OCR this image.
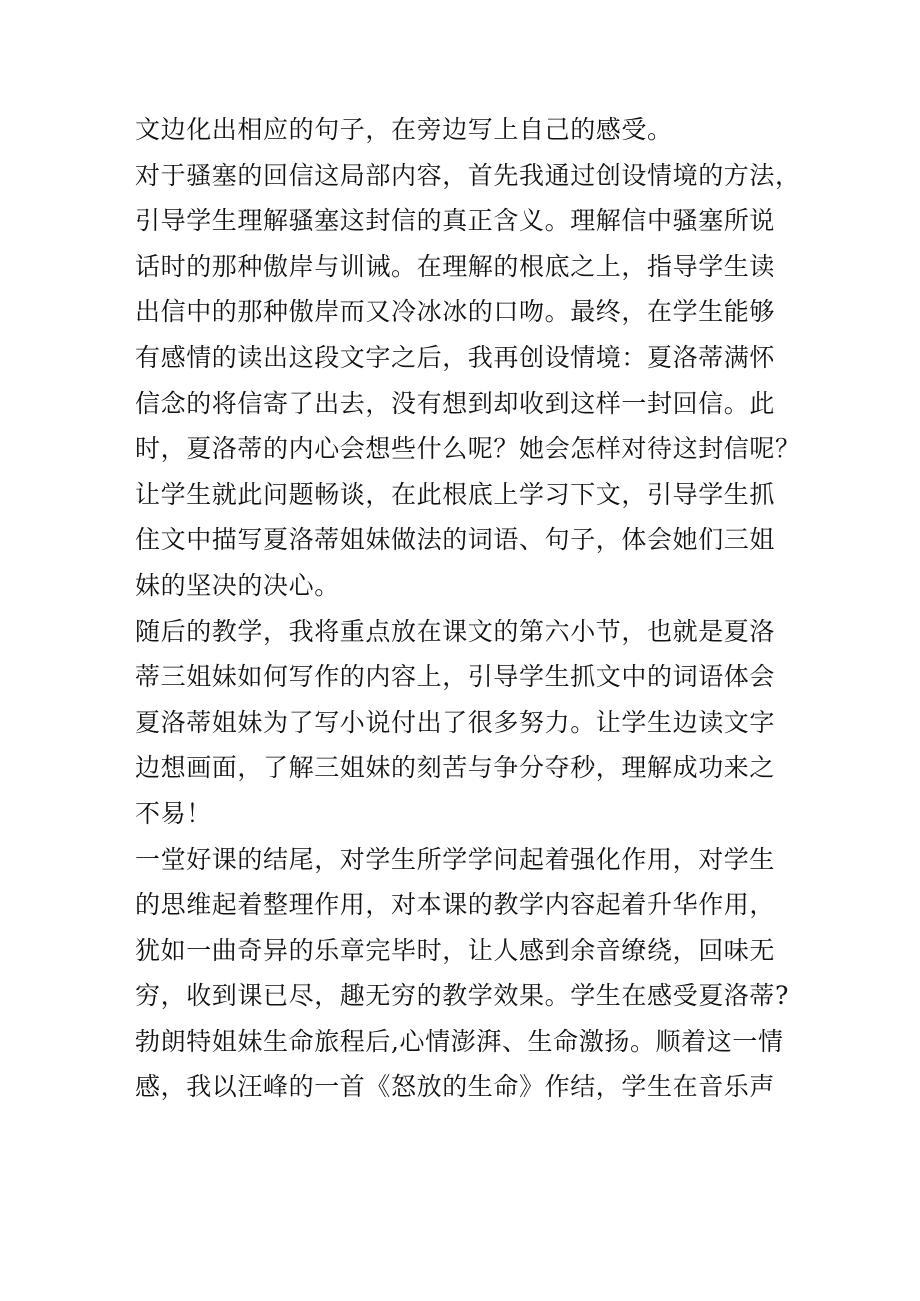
文边化出相应的句子，在旁边写上自己的感受。
对于骚塞的回信这局部内容，首先我通过创设情境的方法，
引导学生理解骚塞这封信的真正含义。理解信中骚塞所说
话时的那种傲岸与训诫。在理解的根底之上，指导学生读
出信中的那种傲岸而又冷冰冰的口吻。最终，在学生能够
有感情的读出这段文字之后，我再创设情境：夏洛蒂满怀
信念的将信寄了出去，没有想到却收到这样一封回信。此
时，夏洛蒂的内心会想些什么呢？她会怎样对待这封信呢？
让学生就此问题畅谈，在此根底上学习下文，引导学生抓
住文中描写夏洛蒂姐妹做法的词语、句子，体会她们三姐
妹的坚决的决心。
随后的教学，我将重点放在课文的第六小节，也就是夏洛
蒂三姐妹如何写作的内容上，引导学生抓文中的词语体会
夏洛蒂姐妹为了写小说付出了很多努力。让学生边读文字
边想画面，了解三姐妹的刻苦与争分夺秒，理解成功来之
不易！
一堂好课的结尾，对学生所学学问起着强化作用，对学生
的思维起着整理作用，对本课的教学内容起着升华作用，
犹如一曲奇异的乐章完毕时，让人感到余音缭绕，回味无
穷，收到课已尽，趣无穷的教学效果。学生在感受夏洛蒂?
勃朗特姐妹生命旅程后,心情澎湃、生命激扬。顺着这一情
感，我以汪峰的一首《怒放的生命》作结，学生在音乐声
